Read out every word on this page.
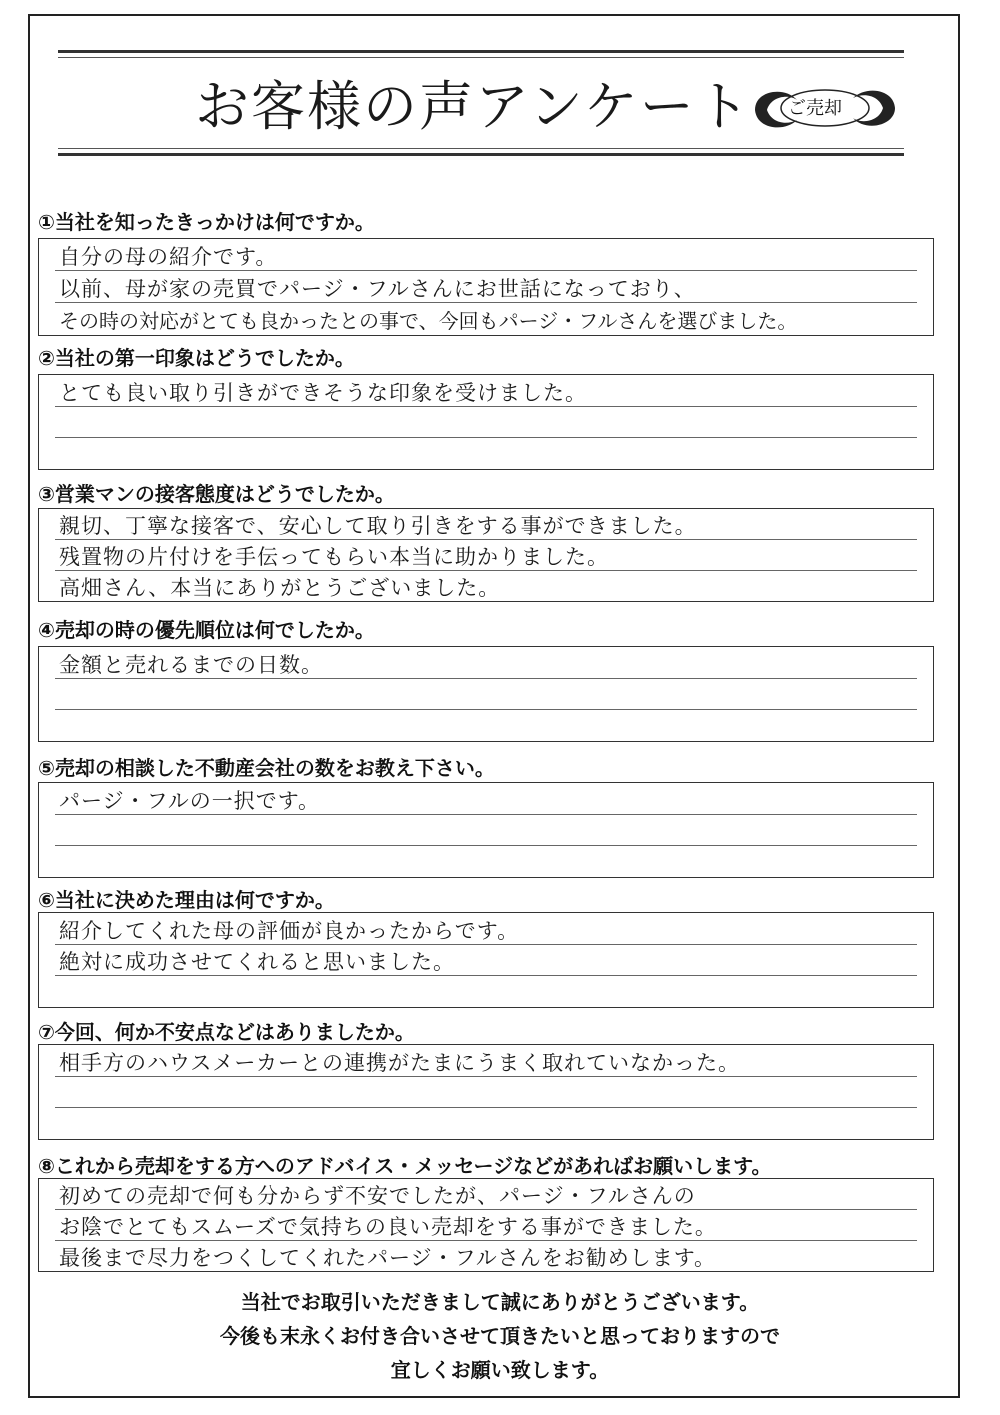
お客様の声アンケート ご売却
①当社を知ったきっかけは何ですか。
自分の母の紹介です。
以前、母が家の売買でパージ・フルさんにお世話になっており、
その時の対応がとても良かったとの事で、今回もパージ・フルさんを選びました。
②当社の第一印象はどうでしたか。
とても良い取り引きができそうな印象を受けました。
③営業マンの接客態度はどうでしたか。
親切、丁寧な接客で、安心して取り引きをする事ができました。
残置物の片付けを手伝ってもらい本当に助かりました。
高畑さん、本当にありがとうございました。
④売却の時の優先順位は何でしたか。
金額と売れるまでの日数。
⑤売却の相談した不動産会社の数をお教え下さい。
パージ・フルの一択です。
⑥当社に決めた理由は何ですか。
紹介してくれた母の評価が良かったからです。
絶対に成功させてくれると思いました。
⑦今回、何か不安点などはありましたか。
相手方のハウスメーカーとの連携がたまにうまく取れていなかった。
⑧これから売却をする方へのアドバイス・メッセージなどがあればお願いします。
初めての売却で何も分からず不安でしたが、パージ・フルさんの
お陰でとてもスムーズで気持ちの良い売却をする事ができました。
最後まで尽力をつくしてくれたパージ・フルさんをお勧めします。
当社でお取引いただきまして誠にありがとうございます。
今後も末永くお付き合いさせて頂きたいと思っておりますので
宜しくお願い致します。
